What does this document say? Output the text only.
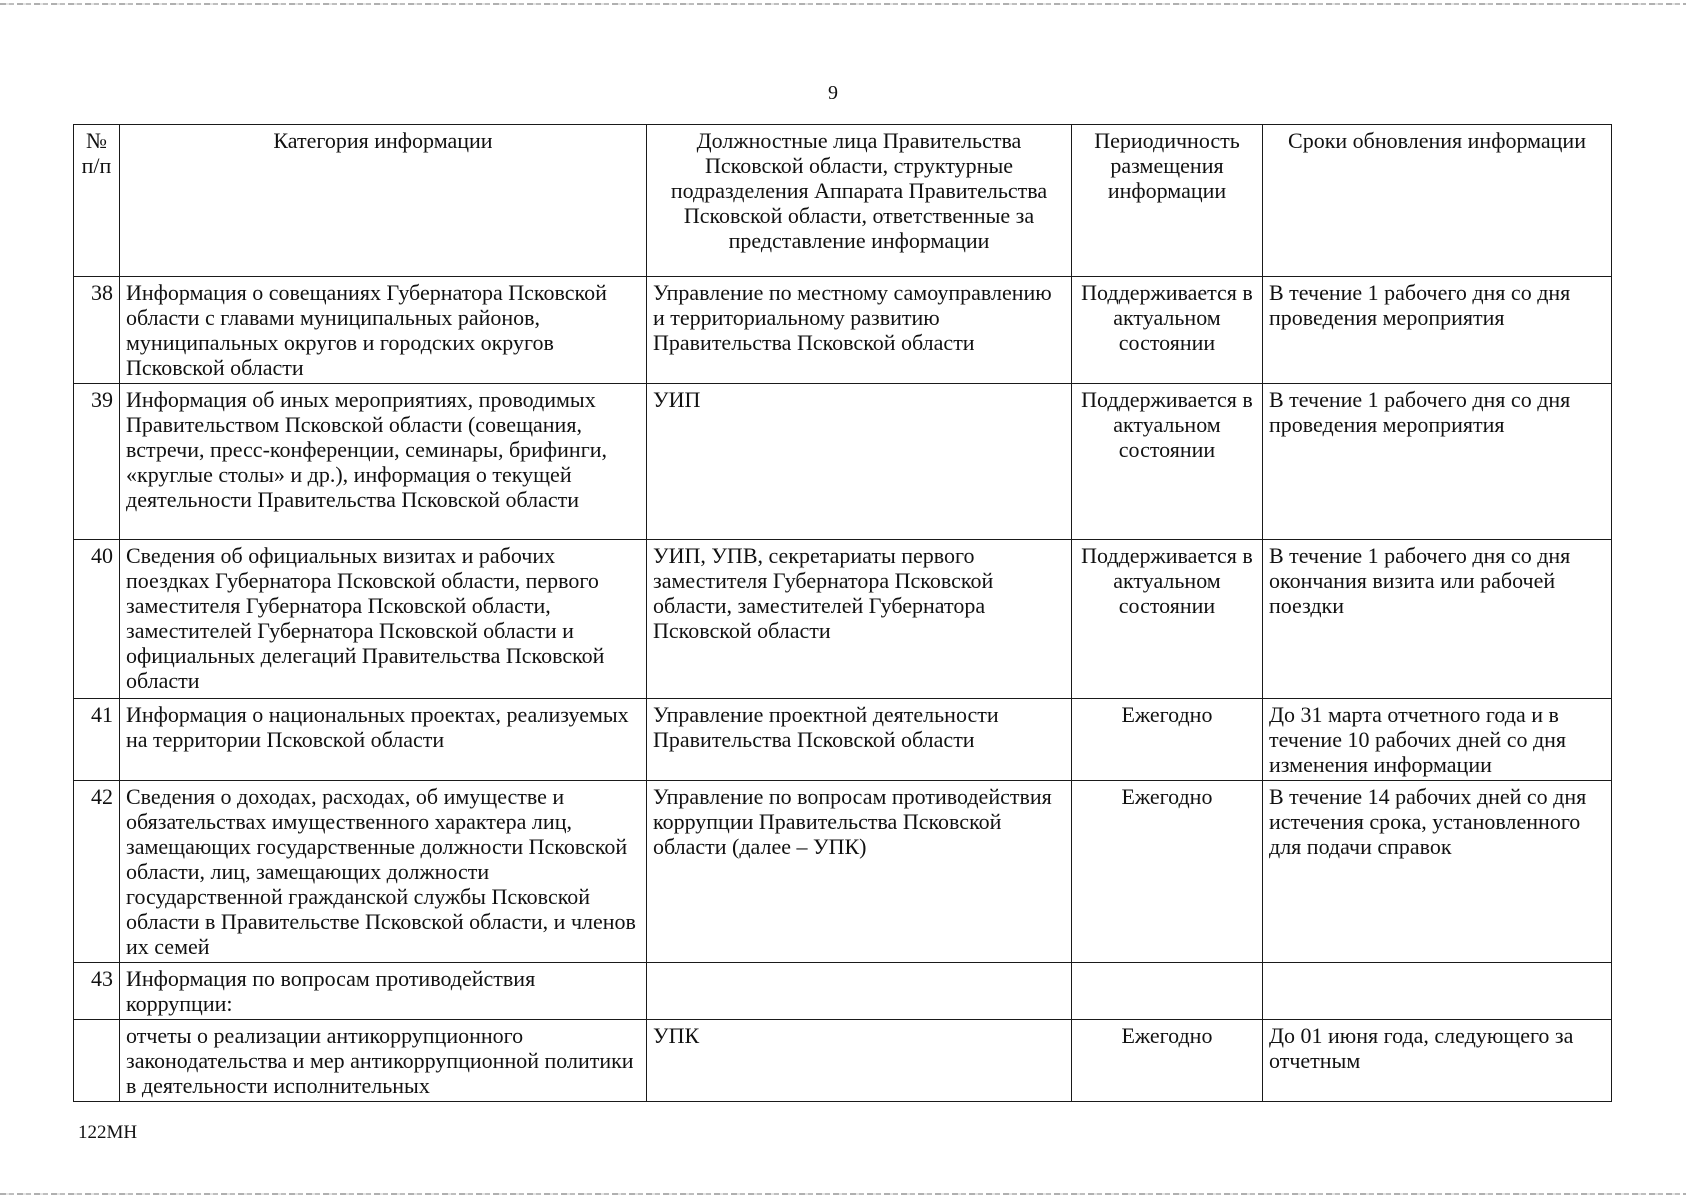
9
№ п/п	Категория информации	Должностные лица Правительства Псковской области, структурные подразделения Аппарата Правительства Псковской области, ответственные за представление информации	Периодичность размещения информации	Сроки обновления информации
38	Информация о совещаниях Губернатора Псковской области с главами муниципальных районов, муниципальных округов и городских округов Псковской области	Управление по местному самоуправлению и территориальному развитию Правительства Псковской области	Поддерживается в актуальном состоянии	В течение 1 рабочего дня со дня проведения мероприятия
39	Информация об иных мероприятиях, проводимых Правительством Псковской области (совещания, встречи, пресс-конференции, семинары, брифинги, «круглые столы» и др.), информация о текущей деятельности Правительства Псковской области	УИП	Поддерживается в актуальном состоянии	В течение 1 рабочего дня со дня проведения мероприятия
40	Сведения об официальных визитах и рабочих поездках Губернатора Псковской области, первого заместителя Губернатора Псковской области, заместителей Губернатора Псковской области и официальных делегаций Правительства Псковской области	УИП, УПВ, секретариаты первого заместителя Губернатора Псковской области, заместителей Губернатора Псковской области	Поддерживается в актуальном состоянии	В течение 1 рабочего дня со дня окончания визита или рабочей поездки
41	Информация о национальных проектах, реализуемых на территории Псковской области	Управление проектной деятельности Правительства Псковской области	Ежегодно	До 31 марта отчетного года и в течение 10 рабочих дней со дня изменения информации
42	Сведения о доходах, расходах, об имуществе и обязательствах имущественного характера лиц, замещающих государственные должности Псковской области, лиц, замещающих должности государственной гражданской службы Псковской области в Правительстве Псковской области, и членов их семей	Управление по вопросам противодействия коррупции Правительства Псковской области (далее – УПК)	Ежегодно	В течение 14 рабочих дней со дня истечения срока, установленного для подачи справок
43	Информация по вопросам противодействия коррупции:			
	отчеты о реализации антикоррупционного законодательства и мер антикоррупционной политики в деятельности исполнительных	УПК	Ежегодно	До 01 июня года, следующего за отчетным
122МН
